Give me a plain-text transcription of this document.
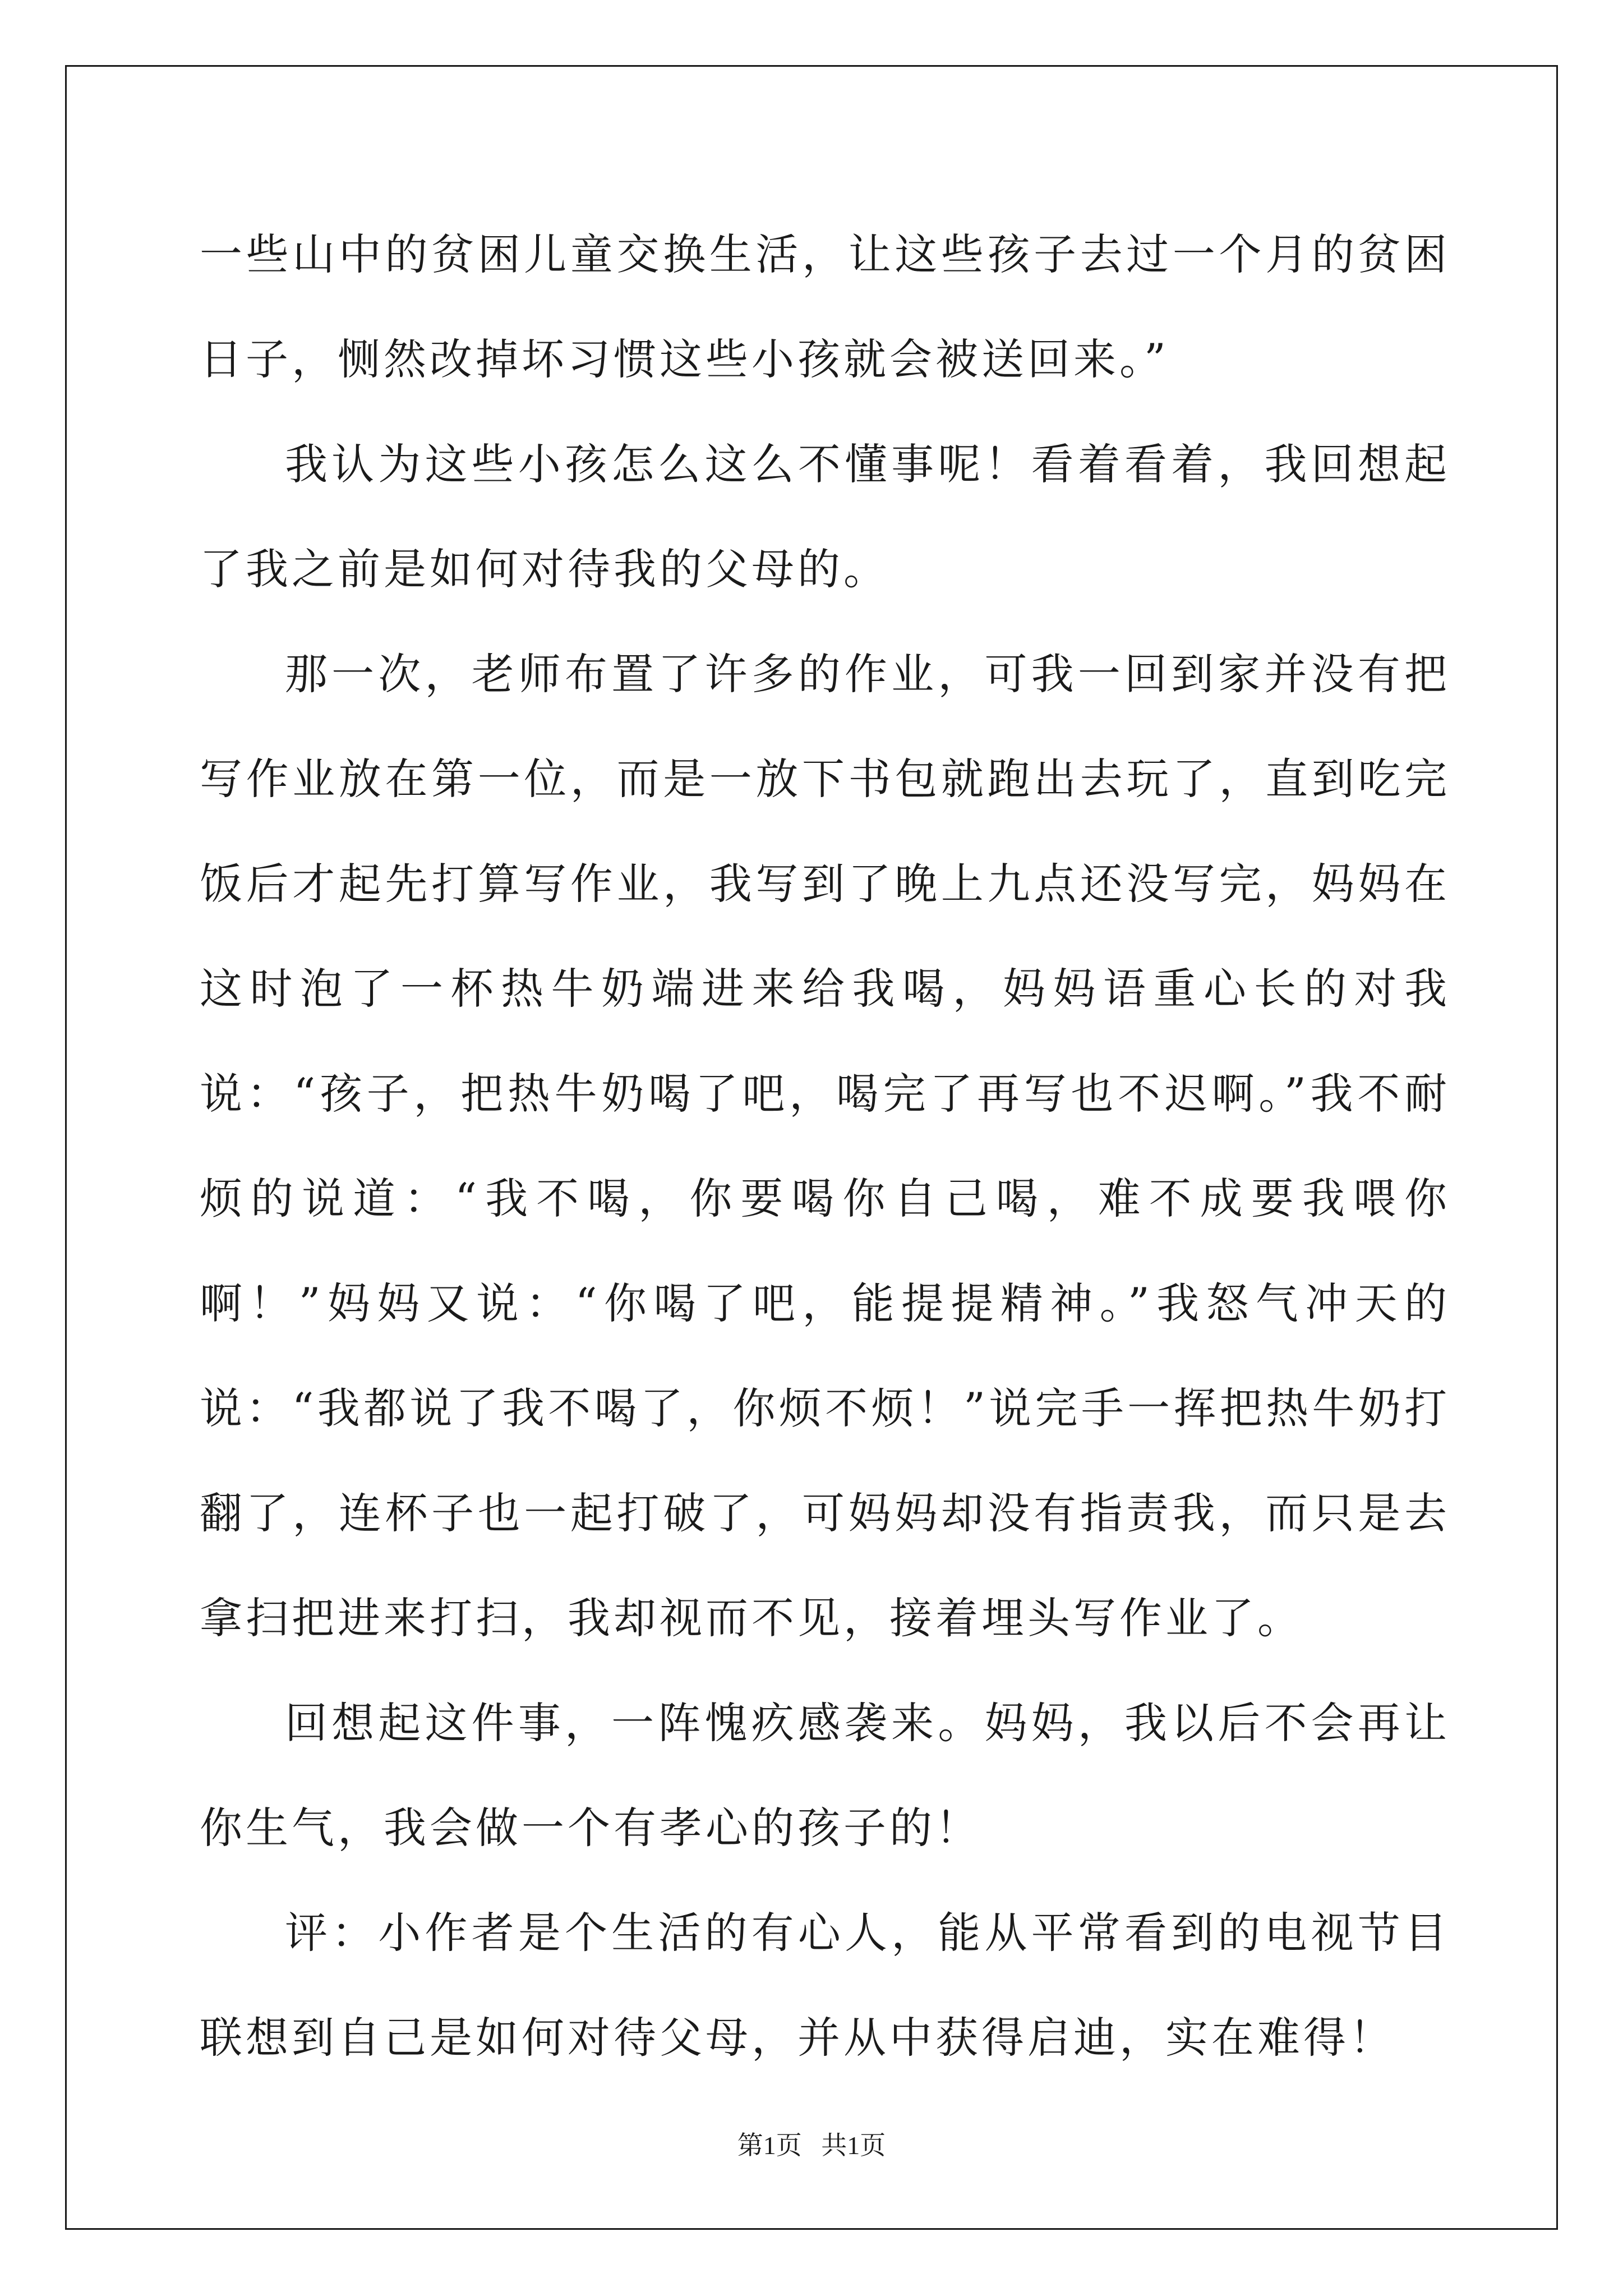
一些山中的贫困儿童交换生活，让这些孩子去过一个月的贫困日子，恻然改掉坏习惯这些小孩就会被送回来。”

我认为这些小孩怎么这么不懂事呢！看着看着，我回想起了我之前是如何对待我的父母的。

那一次，老师布置了许多的作业，可我一回到家并没有把写作业放在第一位，而是一放下书包就跑出去玩了，直到吃完饭后才起先打算写作业，我写到了晚上九点还没写完，妈妈在这时泡了一杯热牛奶端进来给我喝，妈妈语重心长的对我说：“孩子，把热牛奶喝了吧，喝完了再写也不迟啊。”我不耐烦的说道：“我不喝，你要喝你自己喝，难不成要我喂你啊！”妈妈又说：“你喝了吧，能提提精神。”我怒气冲天的说：“我都说了我不喝了，你烦不烦！”说完手一挥把热牛奶打翻了，连杯子也一起打破了，可妈妈却没有指责我，而只是去拿扫把进来打扫，我却视而不见，接着埋头写作业了。

回想起这件事，一阵愧疚感袭来。妈妈，我以后不会再让你生气，我会做一个有孝心的孩子的！

评：小作者是个生活的有心人，能从平常看到的电视节目联想到自己是如何对待父母，并从中获得启迪，实在难得！

第1页 共1页
